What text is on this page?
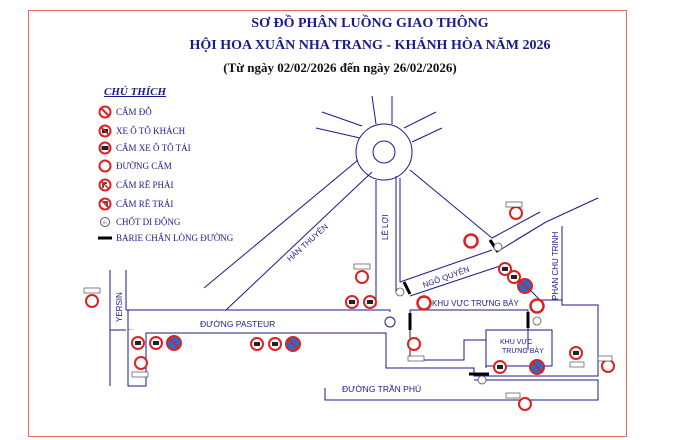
SƠ ĐỒ PHÂN LUỒNG GIAO THÔNG
HỘI HOA XUÂN NHA TRANG - KHÁNH HÒA NĂM 2026
(Từ ngày 02/02/2026 đến ngày 26/02/2026)
CHÚ THÍCH
CẤM ĐỖ
XE Ô TÔ KHÁCH
CẤM XE Ô TÔ TẢI
ĐƯỜNG CẤM
CẤM RẼ PHẢI
CẤM RẼ TRÁI
01 CHỐT DI ĐỘNG
BARIE CHẮN LÒNG ĐƯỜNG	HÀN THUYÊN	LÊ LỢI
NGÔ QUYÊN
YERSIN
ĐƯỜNG PASTEUR
ĐƯỜNG TRẦN PHÚ
PHAN CHU TRINH
KHU VỰC TRƯNG BÀY
KHU VỰC
TRƯNG BÀY
